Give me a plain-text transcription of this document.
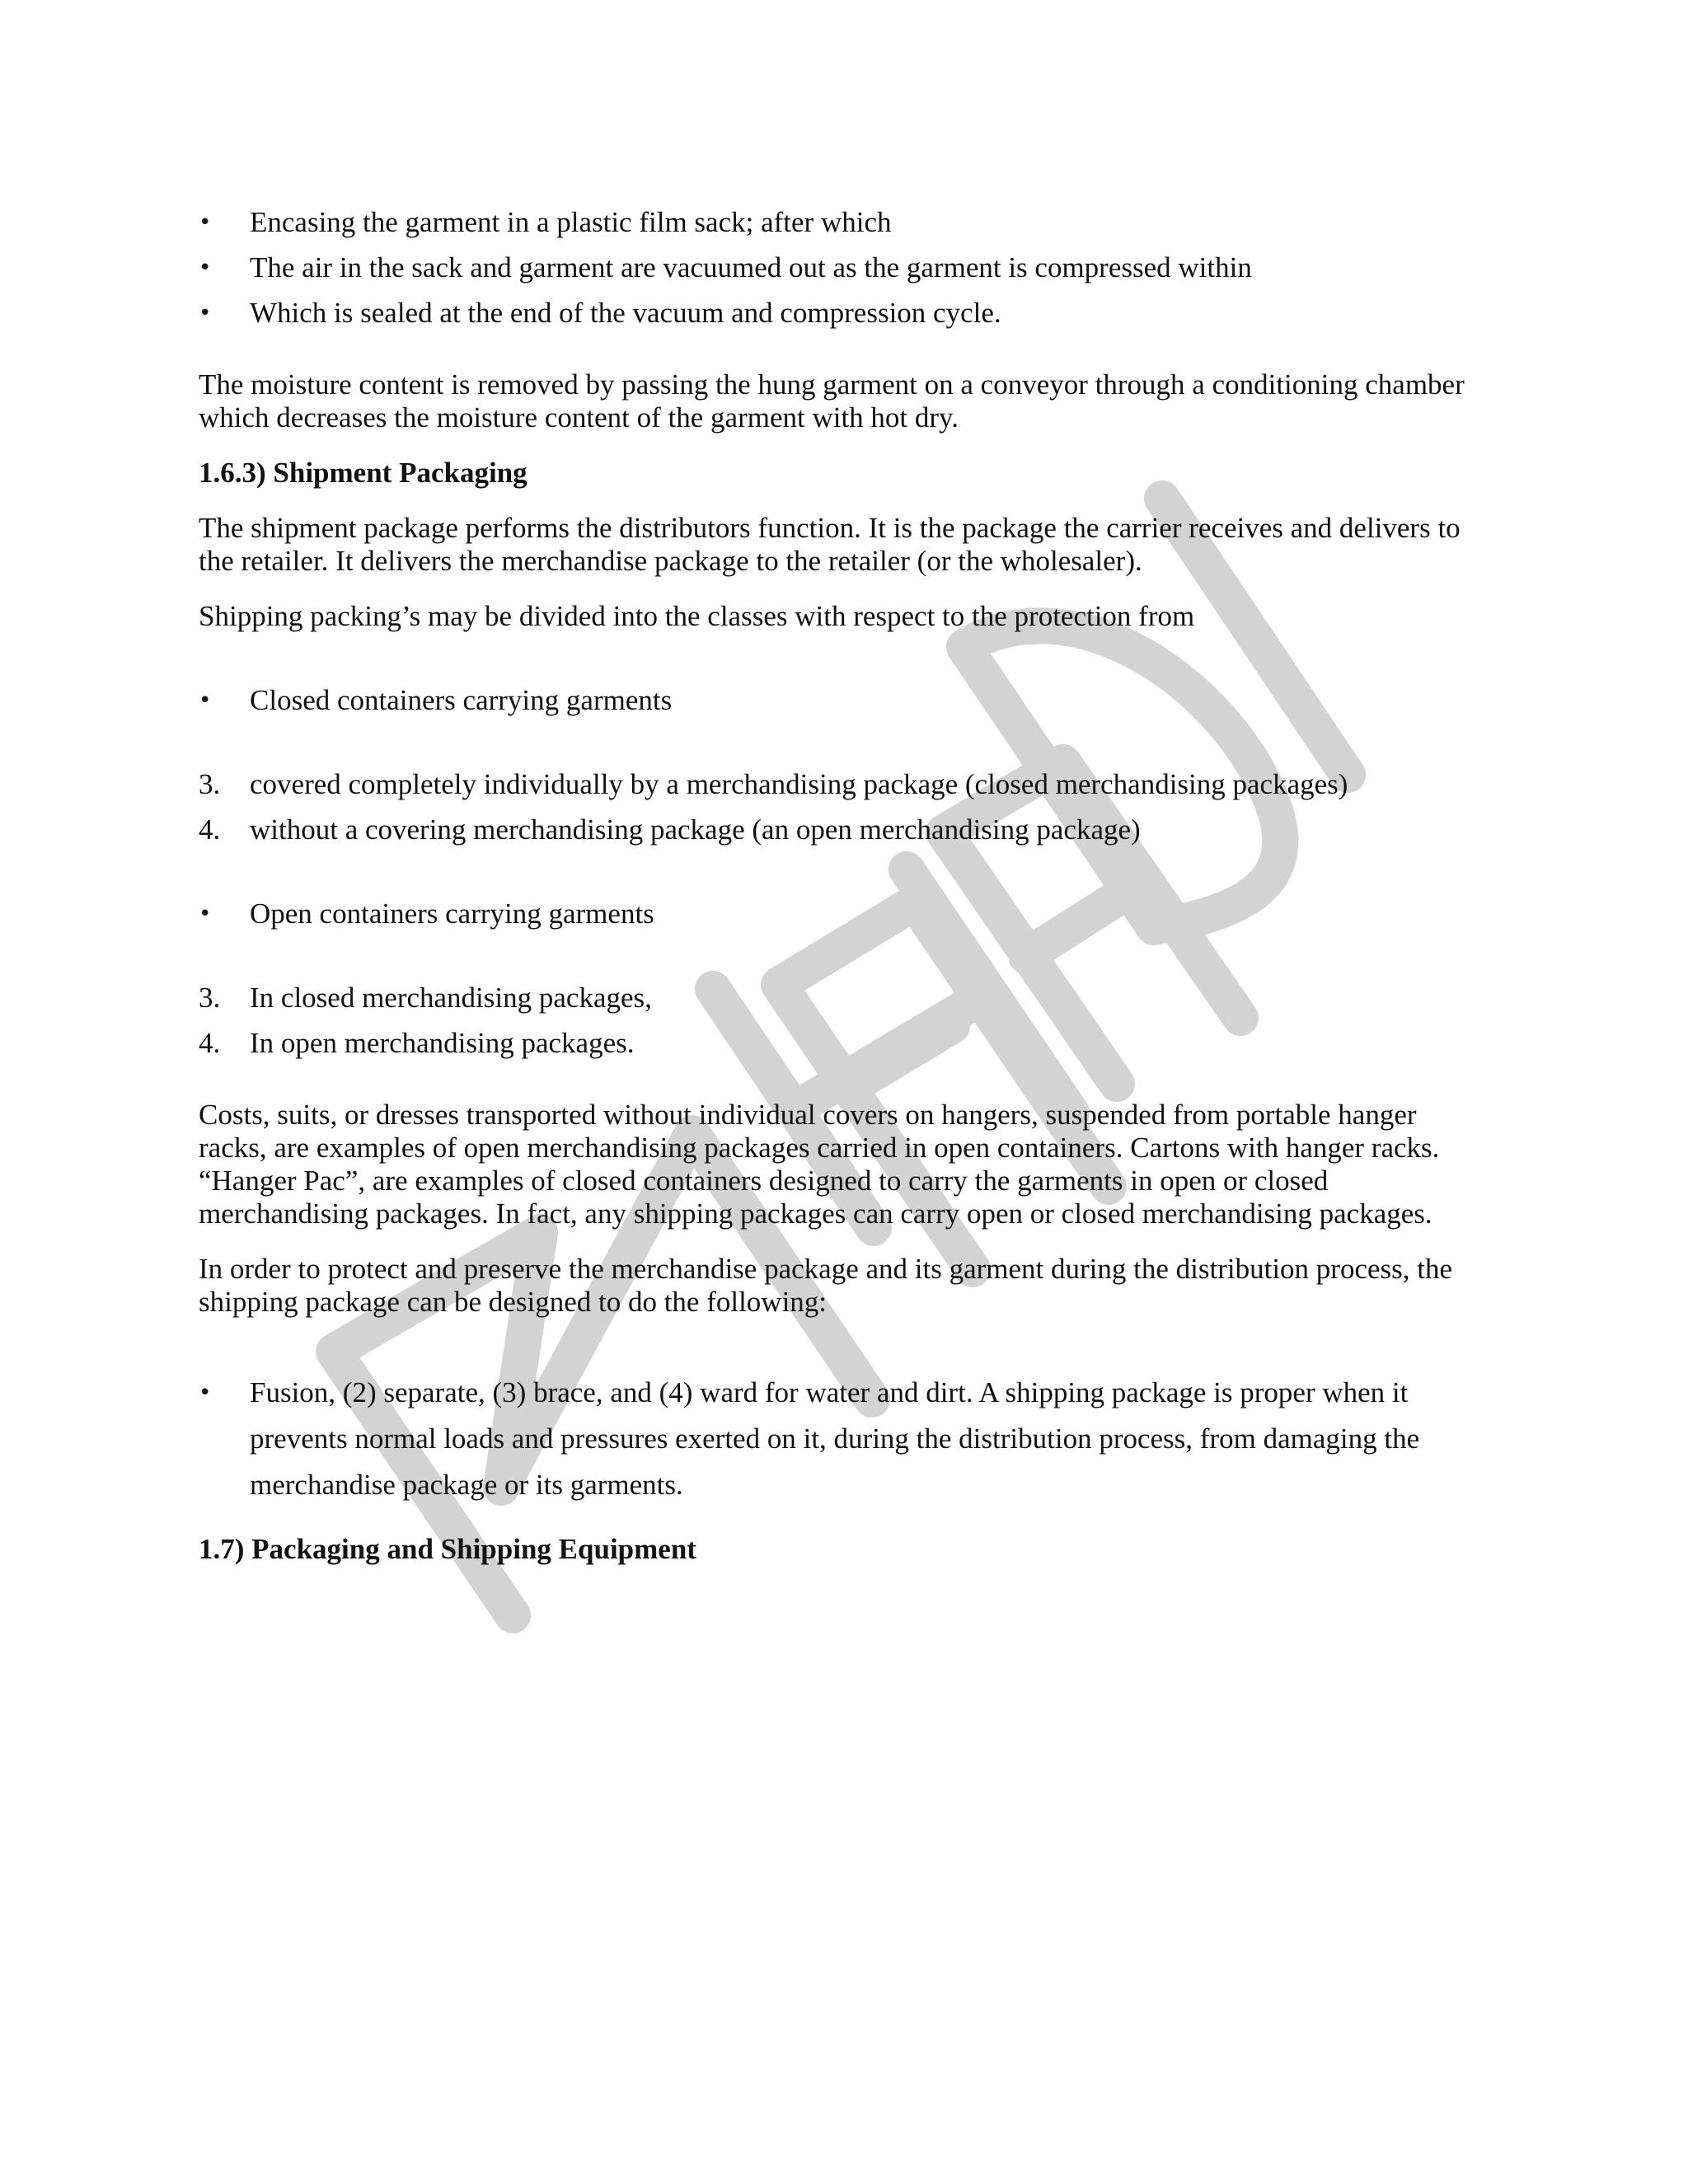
•	Encasing the garment in a plastic film sack; after which
•	The air in the sack and garment are vacuumed out as the garment is compressed within
•	Which is sealed at the end of the vacuum and compression cycle.

The moisture content is removed by passing the hung garment on a conveyor through a conditioning chamber which decreases the moisture content of the garment with hot dry.

1.6.3) Shipment Packaging

The shipment package performs the distributors function. It is the package the carrier receives and delivers to the retailer. It delivers the merchandise package to the retailer (or the wholesaler).

Shipping packing’s may be divided into the classes with respect to the protection from

•	Closed containers carrying garments
3.	covered completely individually by a merchandising package (closed merchandising packages)
4.	without a covering merchandising package (an open merchandising package)
•	Open containers carrying garments
3.	In closed merchandising packages,
4.	In open merchandising packages.

Costs, suits, or dresses transported without individual covers on hangers, suspended from portable hanger racks, are examples of open merchandising packages carried in open containers. Cartons with hanger racks. “Hanger Pac”, are examples of closed containers designed to carry the garments in open or closed merchandising packages. In fact, any shipping packages can carry open or closed merchandising packages.

In order to protect and preserve the merchandise package and its garment during the distribution process, the shipping package can be designed to do the following:

•	Fusion, (2) separate, (3) brace, and (4) ward for water and dirt. A shipping package is proper when it prevents normal loads and pressures exerted on it, during the distribution process, from damaging the merchandise package or its garments.
1.7) Packaging and Shipping Equipment
